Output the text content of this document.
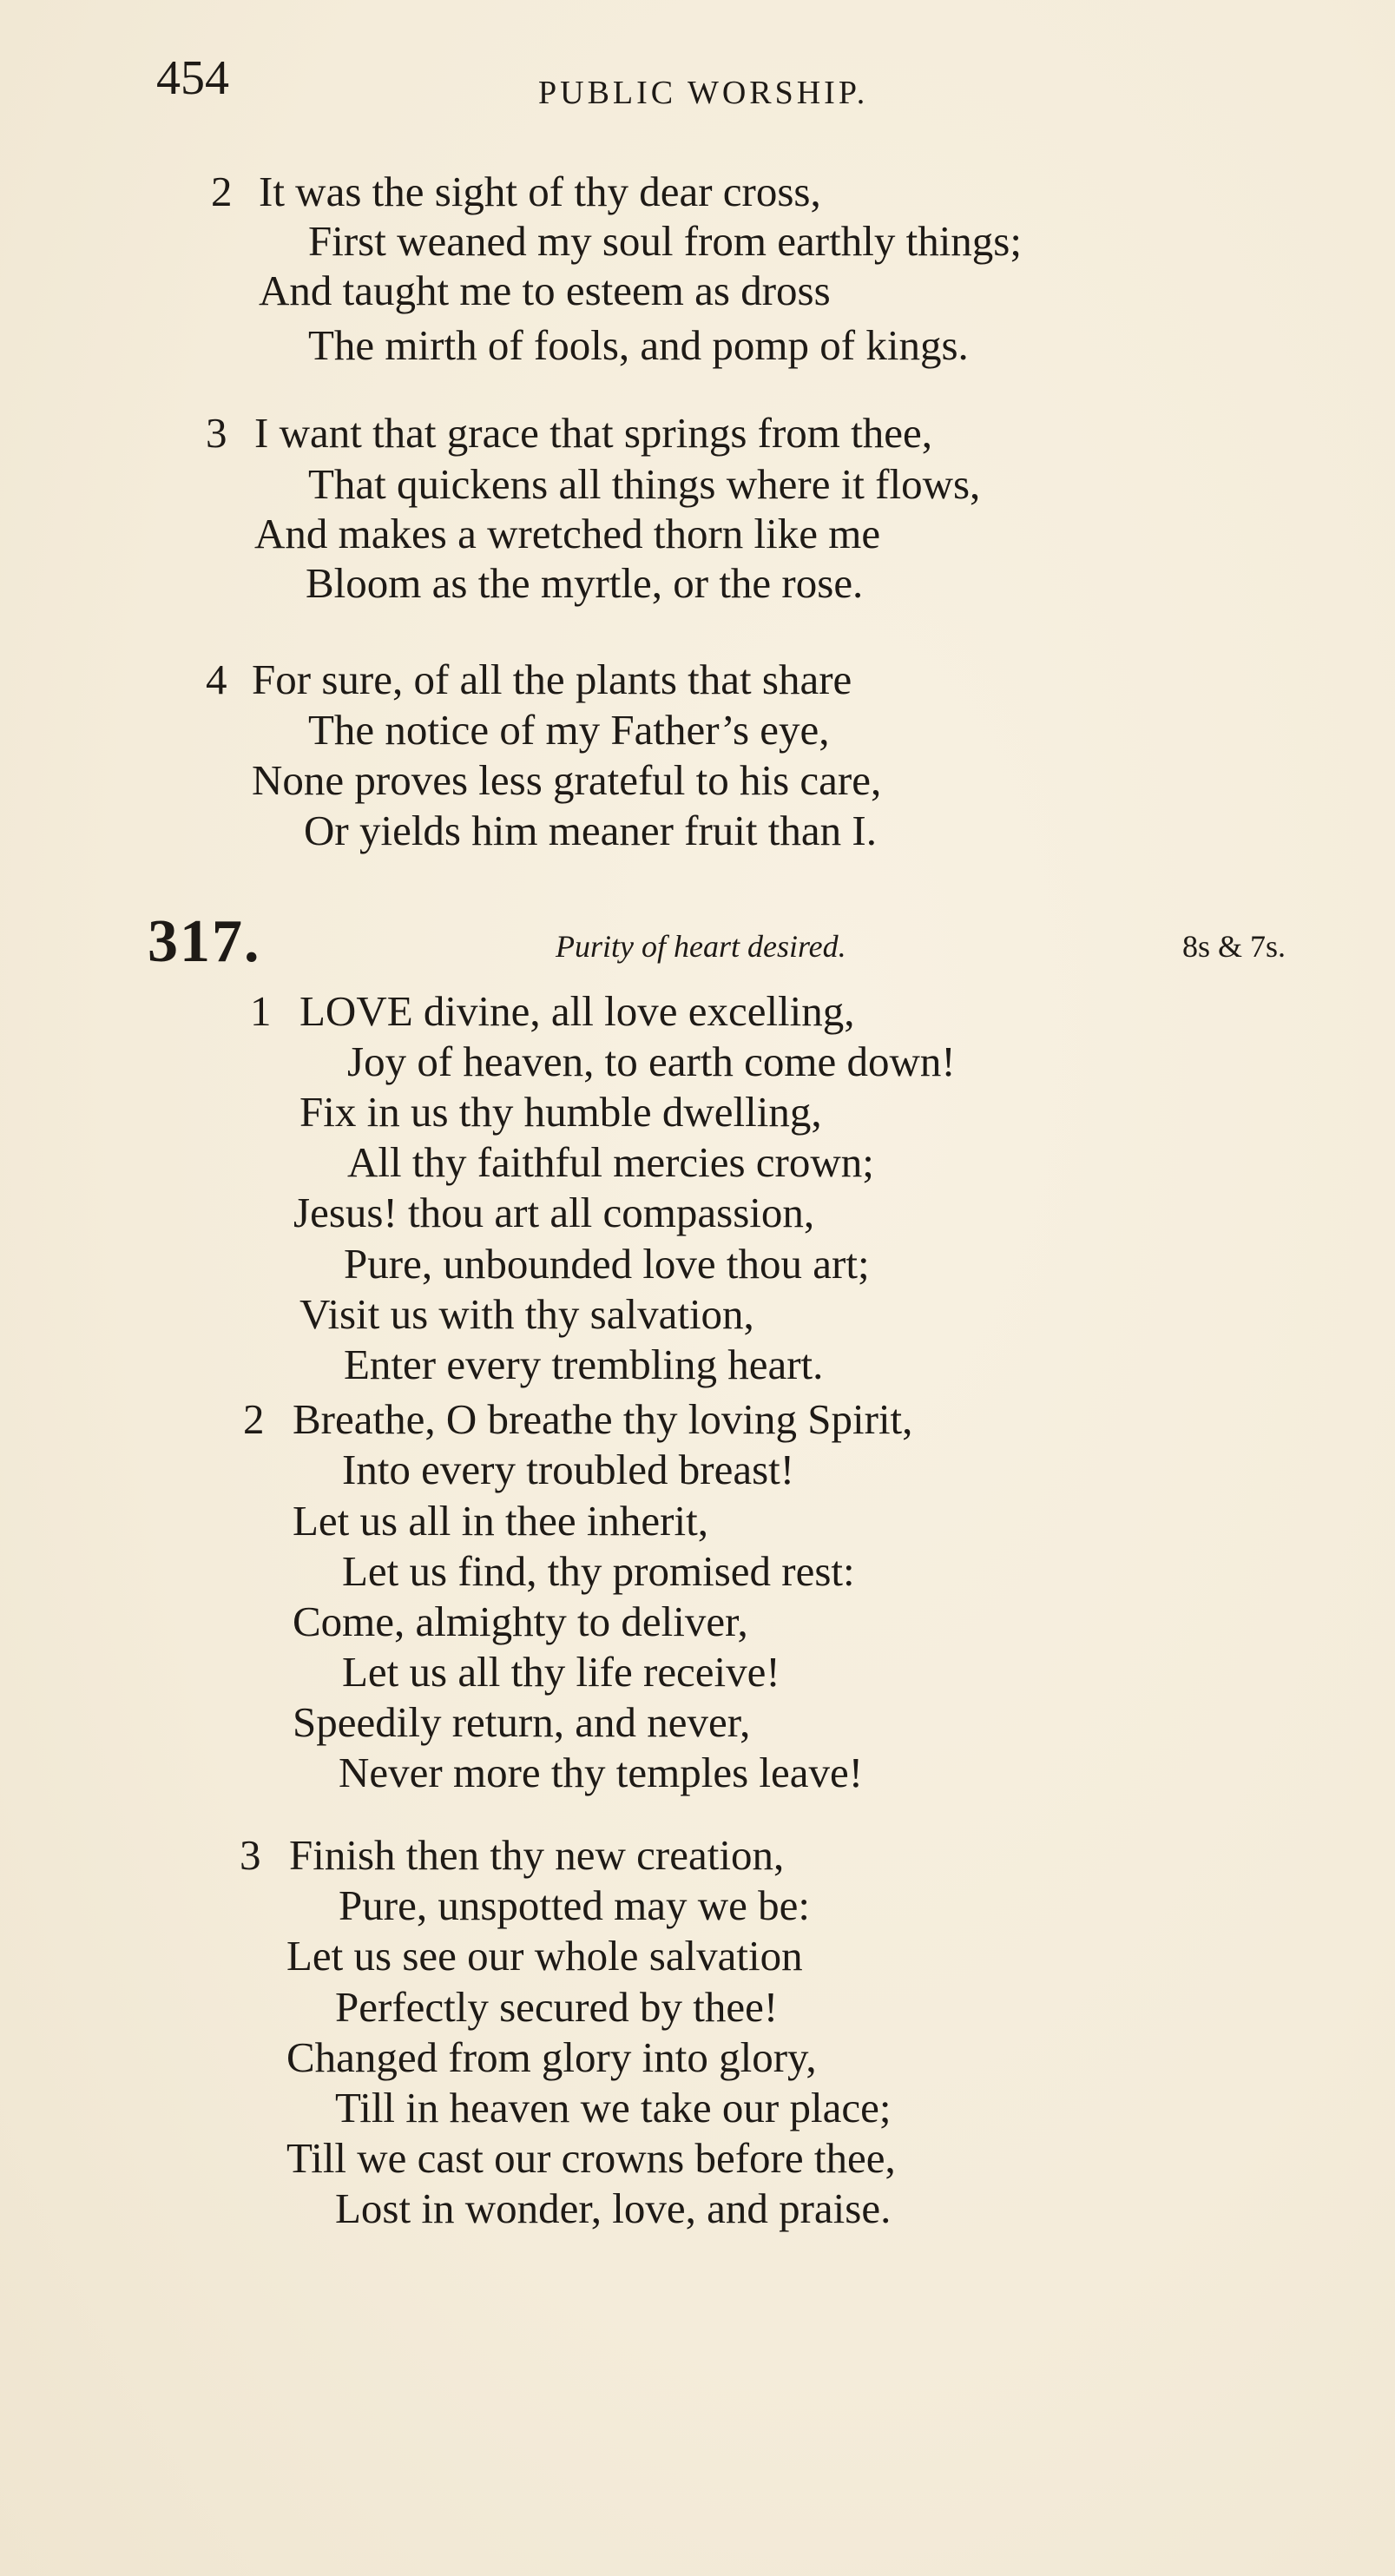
454	PUBLIC WORSHIP.
2 It was the sight of thy dear cross,
First weaned my soul from earthly things;
And taught me to esteem as dross
The mirth of fools, and pomp of kings.
3 I want that grace that springs from thee,
That quickens all things where it flows,
And makes a wretched thorn like me
Bloom as the myrtle, or the rose.
4 For sure, of all the plants that share
The notice of my Father’s eye,
None proves less grateful to his care,
Or yields him meaner fruit than I.
317.	Purity of heart desired.	8s & 7s.
1 LOVE divine, all love excelling,
Joy of heaven, to earth come down!
Fix in us thy humble dwelling,
All thy faithful mercies crown;
Jesus! thou art all compassion,
Pure, unbounded love thou art;
Visit us with thy salvation,
Enter every trembling heart.
2 Breathe, O breathe thy loving Spirit,
Into every troubled breast!
Let us all in thee inherit,
Let us find, thy promised rest:
Come, almighty to deliver,
Let us all thy life receive!
Speedily return, and never,
Never more thy temples leave!
3 Finish then thy new creation,
Pure, unspotted may we be:
Let us see our whole salvation
Perfectly secured by thee!
Changed from glory into glory,
Till in heaven we take our place;
Till we cast our crowns before thee,
Lost in wonder, love, and praise.
